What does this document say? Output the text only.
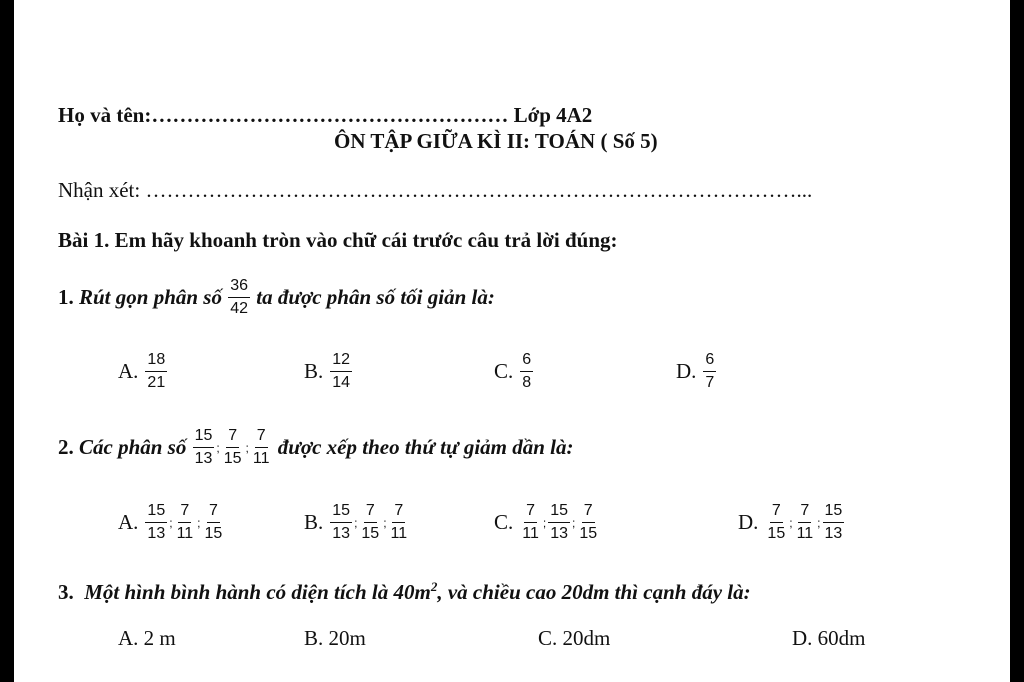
Họ và tên:…………………………………………… Lớp 4A2
ÔN TẬP GIỮA KÌ II: TOÁN ( Số 5)
Nhận xét: …………………………………………………………………………………...
Bài 1. Em hãy khoanh tròn vào chữ cái trước câu trả lời đúng:
1.
Rút gọn phân số
$\frac{36}{42}$
ta được phân số tối giản là:
A. $\frac{18}{21}$	B. $\frac{12}{14}$	C. $\frac{6}{8}$	D. $\frac{6}{7}$
2.
Các phân số
$\frac{15}{13}$ ; $\frac{7}{15}$ ; $\frac{7}{11}$
được xếp theo thứ tự giảm dần là:
A. $\frac{15}{13}$ ; $\frac{7}{11}$ ; $\frac{7}{15}$	B. $\frac{15}{13}$ ; $\frac{7}{15}$ ; $\frac{7}{11}$	C. $\frac{7}{11}$ ; $\frac{15}{13}$ ; $\frac{7}{15}$	D. $\frac{7}{15}$ ; $\frac{7}{11}$ ; $\frac{15}{13}$
3. Một hình bình hành có diện tích là $40m^2$, và chiều cao 20dm thì cạnh đáy là:
A. 2 m	B. 20m	C. 20dm	D. 60dm
